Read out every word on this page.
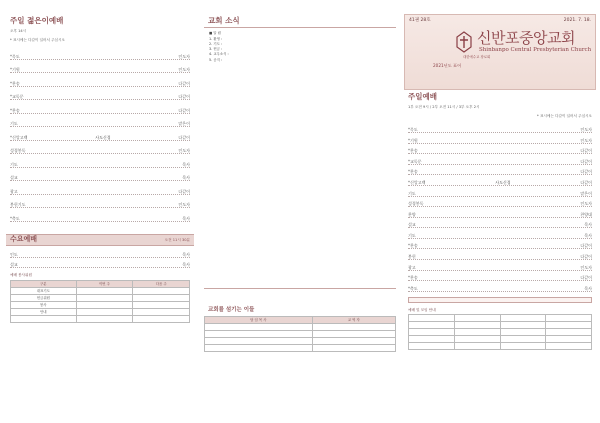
주일 젊은이예배
오후 14시
* 표시에는 다같이 일어서 주십시오
*묵도	인도자
*기원	인도자
*찬송	다같이
*교독문	다같이
*찬송	다같이
기도	맡은이
*신앙고백	사도신경	다같이
성경봉독	인도자
기도	목사
설교	목사
광고	다같이
봉헌기도	인도자
*축도	목사
수요예배	오전 11시 30분
인도	목사
설교	목사
예배 봉사위원
구분	이번 주	다음 주
대표기도		
헌금위원		
봉사		
안내		

교회 소식
■ 알 림
1. 환영 :
2. 기도 :
3. 헌금 :
4. 교우소식 :
5. 공지 :
교회를 섬기는 이들
담 임 목 사	교 역 자

41권 28호	2021. 7. 18.
대한예수교 장로회
신반포중앙교회
Shinbanpo Central Presbyterian Church
2021년도 표어
주일예배
1부 오전 9시 / 2부 오전 11시 / 3부 오후 2시
* 표시에는 다같이 일어서 주십시오
*묵도	인도자
*기원	인도자
*찬송	다같이
*교독문	다같이
*찬송	다같이
*신앙고백	사도신경	다같이
기도	맡은이
성경봉독	인도자
찬양	찬양대
설교	목사
기도	목사
*찬송	다같이
봉헌	다같이
광고	인도자
*찬송	다같이
*축도	목사
예배 및 모임 안내
